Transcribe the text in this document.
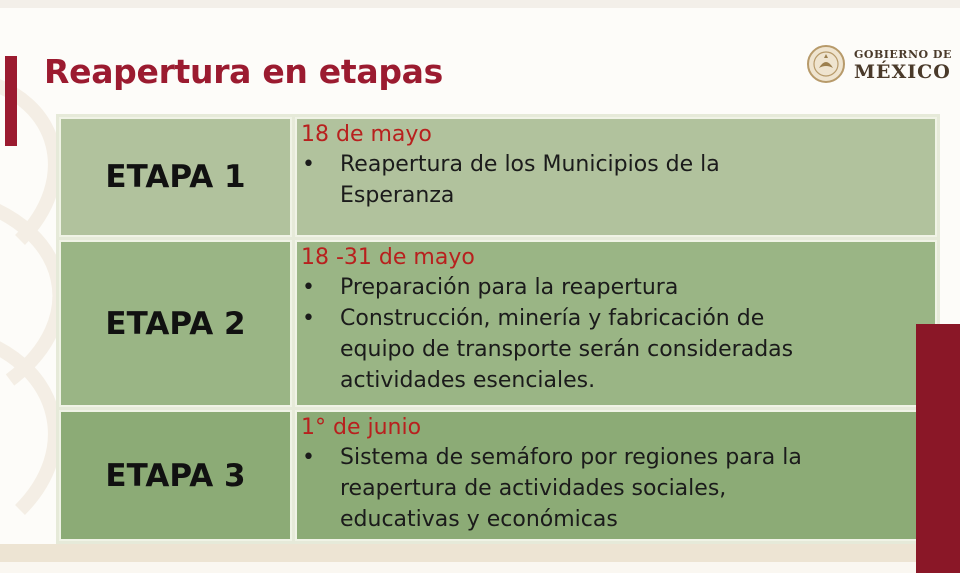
Reapertura en etapas	GOBIERNO DE
MÉXICO
ETAPA 1
18 de mayo
• Reapertura de los Municipios de la
Esperanza
ETAPA 2
18 -31 de mayo
• Preparación para la reapertura
• Construcción, minería y fabricación de
equipo de transporte serán consideradas
actividades esenciales.
ETAPA 3
1° de junio
• Sistema de semáforo por regiones para la
reapertura de actividades sociales,
educativas y económicas
